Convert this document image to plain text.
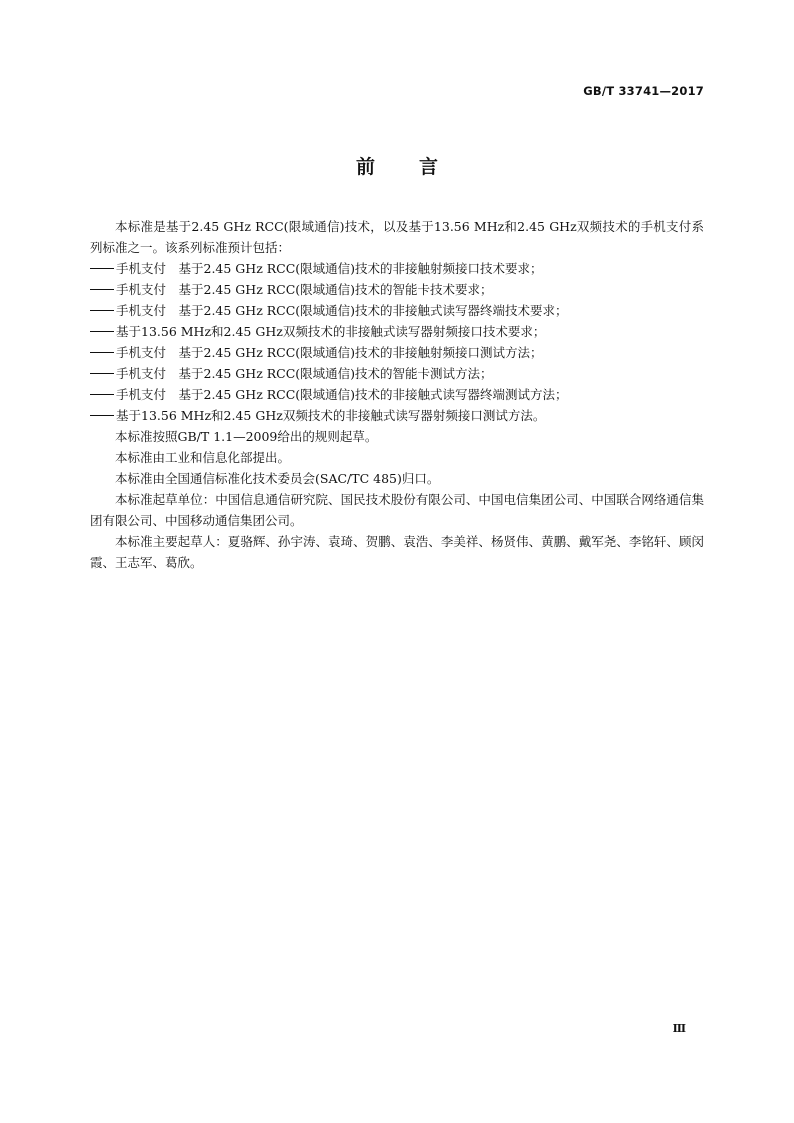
GB/T 33741—2017
前言

本标准是基于2.45 GHz RCC(限域通信)技术，以及基于13.56 MHz和2.45 GHz双频技术的手机支付系列标准之一。该系列标准预计包括：

手机支付　基于2.45 GHz RCC(限域通信)技术的非接触射频接口技术要求；

手机支付　基于2.45 GHz RCC(限域通信)技术的智能卡技术要求；

手机支付　基于2.45 GHz RCC(限域通信)技术的非接触式读写器终端技术要求；

基于13.56 MHz和2.45 GHz双频技术的非接触式读写器射频接口技术要求；

手机支付　基于2.45 GHz RCC(限域通信)技术的非接触射频接口测试方法；

手机支付　基于2.45 GHz RCC(限域通信)技术的智能卡测试方法；

手机支付　基于2.45 GHz RCC(限域通信)技术的非接触式读写器终端测试方法；

基于13.56 MHz和2.45 GHz双频技术的非接触式读写器射频接口测试方法。

本标准按照GB/T 1.1—2009给出的规则起草。

本标准由工业和信息化部提出。

本标准由全国通信标准化技术委员会(SAC/TC 485)归口。

本标准起草单位：中国信息通信研究院、国民技术股份有限公司、中国电信集团公司、中国联合网络通信集团有限公司、中国移动通信集团公司。

本标准主要起草人：夏骆辉、孙宇涛、袁琦、贺鹏、袁浩、李美祥、杨贤伟、黄鹏、戴军尧、李铭轩、顾闵霞、王志军、葛欣。

Ⅲ
